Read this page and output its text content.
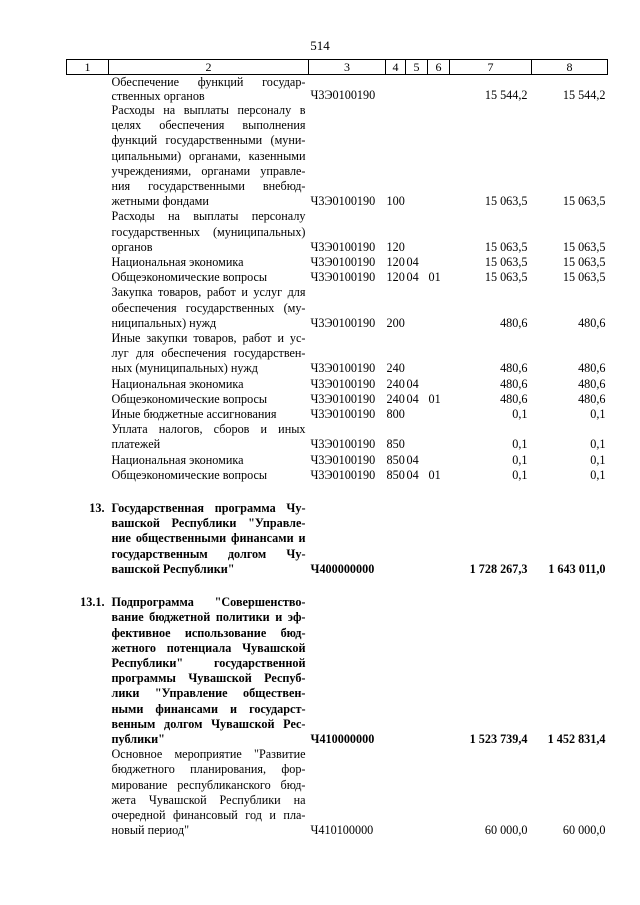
514
1	2	3	4	5	6	7	8
	Обеспечение функций государ- ственных органов	Ч3Э0100190				15 544,2	15 544,2
	Расходы на выплаты персоналу в целях обеспечения выполнения функций государственными (муни- ципальными) органами, казенными учреждениями, органами управле- ния государственными внебюд- жетными фондами	Ч3Э0100190	100			15 063,5	15 063,5
	Расходы на выплаты персоналу государственных (муниципальных) органов	Ч3Э0100190	120			15 063,5	15 063,5
	Национальная экономика	Ч3Э0100190	120	04		15 063,5	15 063,5
	Общеэкономические вопросы	Ч3Э0100190	120	04	01	15 063,5	15 063,5
	Закупка товаров, работ и услуг для обеспечения государственных (му- ниципальных) нужд	Ч3Э0100190	200			480,6	480,6
	Иные закупки товаров, работ и ус- луг для обеспечения государствен- ных (муниципальных) нужд	Ч3Э0100190	240			480,6	480,6
	Национальная экономика	Ч3Э0100190	240	04		480,6	480,6
	Общеэкономические вопросы	Ч3Э0100190	240	04	01	480,6	480,6
	Иные бюджетные ассигнования	Ч3Э0100190	800			0,1	0,1
	Уплата налогов, сборов и иных платежей	Ч3Э0100190	850			0,1	0,1
	Национальная экономика	Ч3Э0100190	850	04		0,1	0,1
	Общеэкономические вопросы	Ч3Э0100190	850	04	01	0,1	0,1

13.	Государственная программа Чу- вашской Республики "Управле- ние общественными финансами и государственным долгом Чу- вашской Республики"	Ч400000000				1 728 267,3	1 643 011,0

13.1.	Подпрограмма "Совершенство- вание бюджетной политики и эф- фективное использование бюд- жетного потенциала Чувашской Республики" государственной программы Чувашской Респуб- лики "Управление обществен- ными финансами и государст- венным долгом Чувашской Рес- публики"	Ч410000000				1 523 739,4	1 452 831,4
	Основное мероприятие "Развитие бюджетного планирования, фор- мирование республиканского бюд- жета Чувашской Республики на очередной финансовый год и пла- новый период"	Ч410100000				60 000,0	60 000,0
